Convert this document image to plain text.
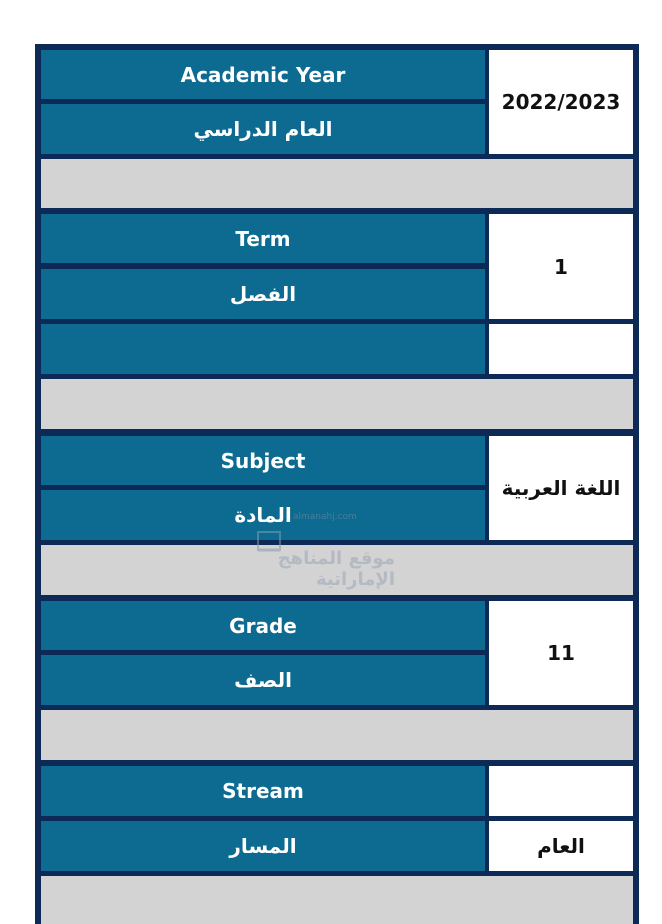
Academic Year
العام الدراسي
2022/2023
Term
الفصل
1
Subject
المادة
اللغة العربية
Grade
الصف
11
Stream
المسار	العام
almanahj.com
موقع المناهج الإماراتية
